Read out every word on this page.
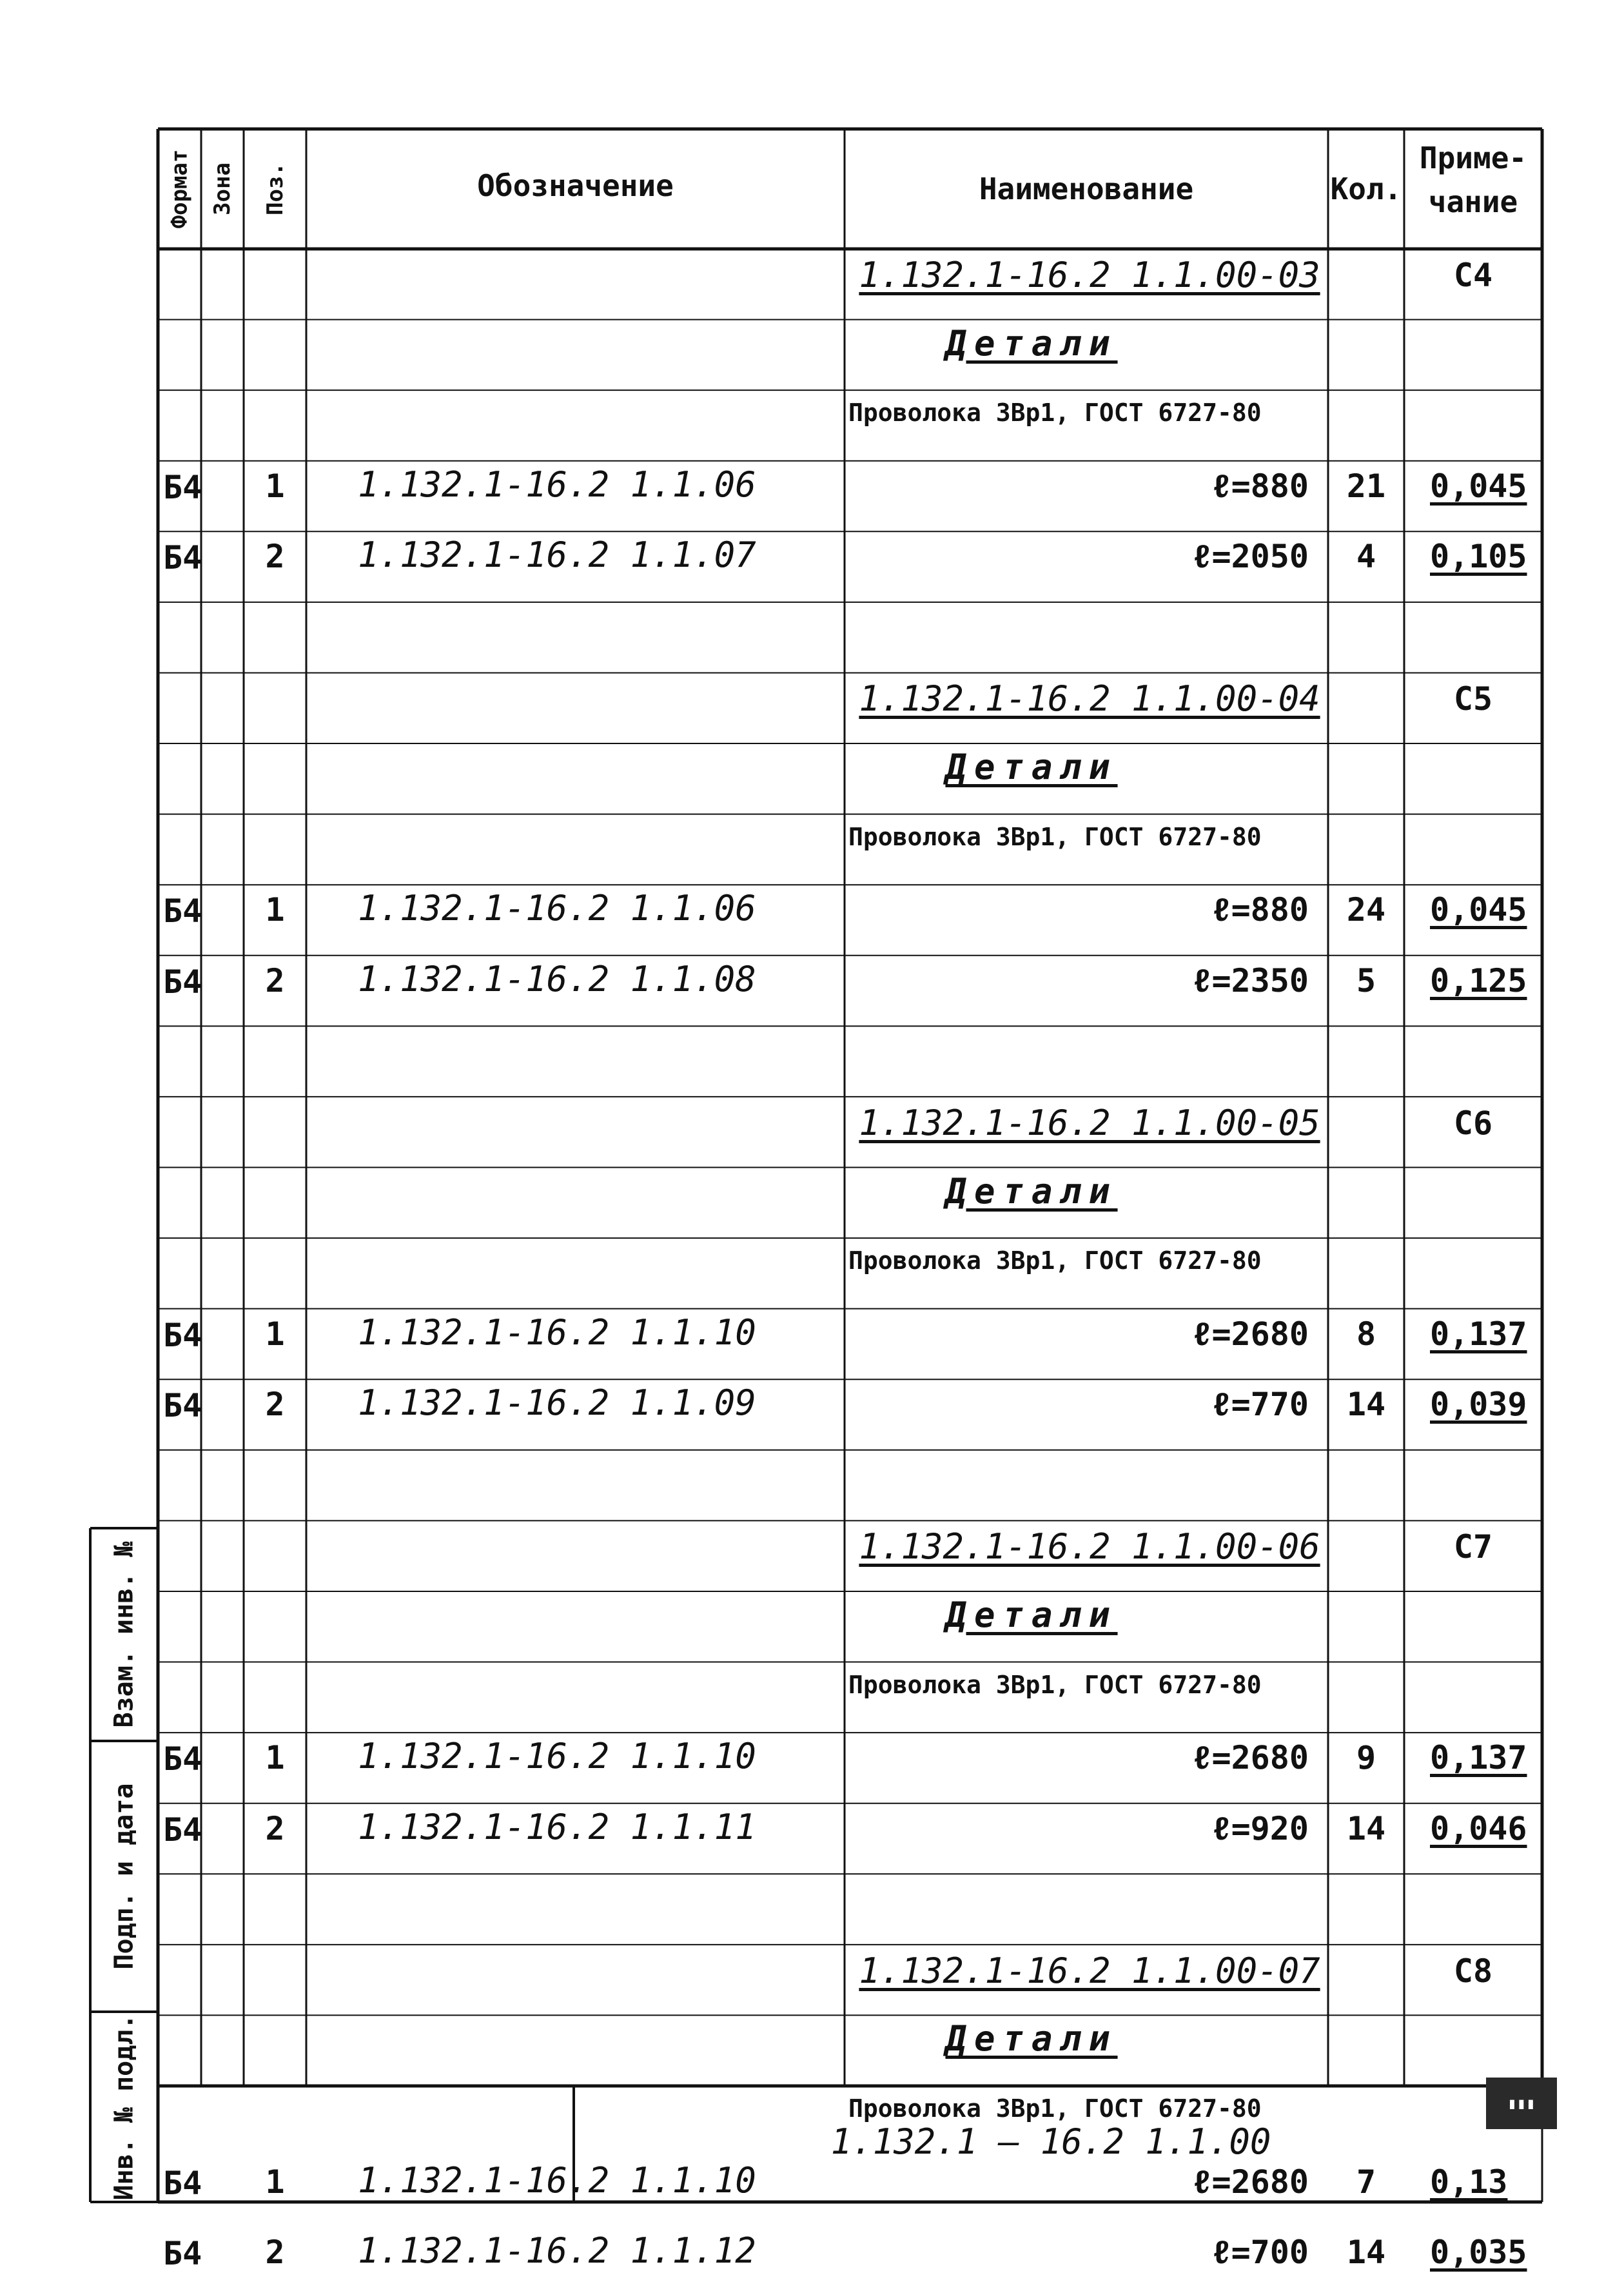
Формат Зона Поз.	Обозначение	Наименование	Кол.
Приме-
чание
1.132.1-16.2 1.1.00-03	С4
Детали
Проволока 3Вр1, ГОСТ 6727-80
Б4 1 1.132.1-16.2 1.1.06	ℓ=880 21 0,045
Б4 2 1.132.1-16.2 1.1.07	ℓ=2050 4 0,105
1.132.1-16.2 1.1.00-04	С5
Детали
Проволока 3Вр1, ГОСТ 6727-80
Б4 1 1.132.1-16.2 1.1.06	ℓ=880 24 0,045
Б4 2 1.132.1-16.2 1.1.08	ℓ=2350 5 0,125
1.132.1-16.2 1.1.00-05	С6
Детали
Проволока 3Вр1, ГОСТ 6727-80
Б4 1 1.132.1-16.2 1.1.10	ℓ=2680 8 0,137
Б4 2 1.132.1-16.2 1.1.09	ℓ=770 14 0,039
1.132.1-16.2 1.1.00-06	С7
Детали
Проволока 3Вр1, ГОСТ 6727-80
Б4 1 1.132.1-16.2 1.1.10	ℓ=2680 9 0,137
Б4 2 1.132.1-16.2 1.1.11	ℓ=920 14 0,046
1.132.1-16.2 1.1.00-07	С8
Детали
Проволока 3Вр1, ГОСТ 6727-80
Б4 1 1.132.1-16.2 1.1.10	ℓ=2680 7 0,13
Б4 2 1.132.1-16.2 1.1.12	ℓ=700 14 0,035
1.132.1 – 16.2 1.1.00
Взам. инв. №
Подп. и дата
Инв. № подл.	▮▮▮
